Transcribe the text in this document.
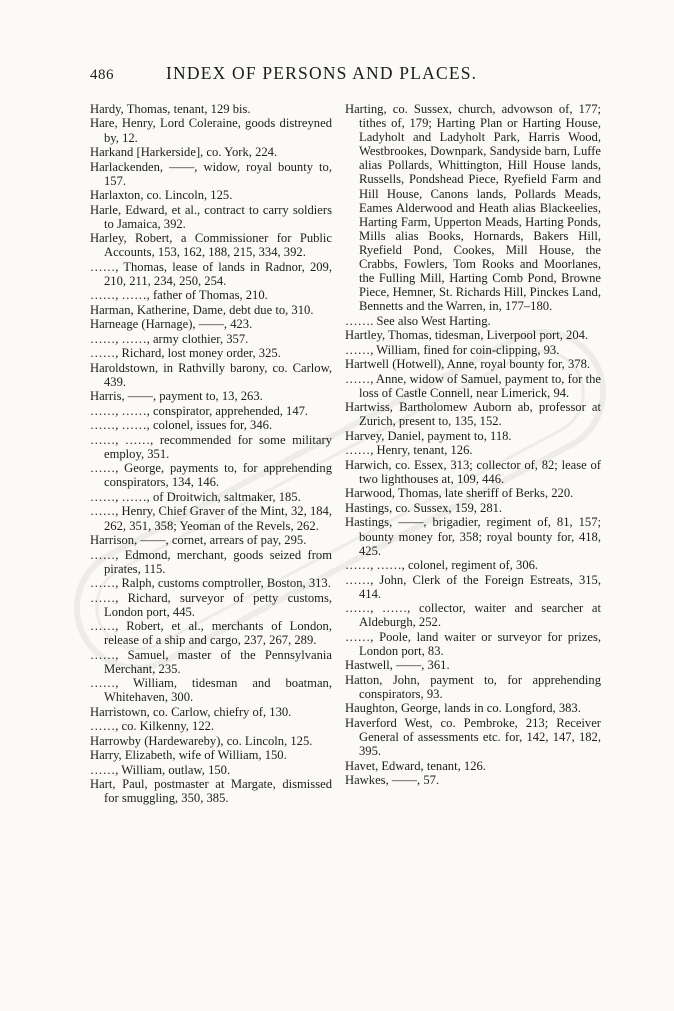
486	INDEX OF PERSONS AND PLACES.
Hardy, Thomas, tenant, 129 bis.
Hare, Henry, Lord Coleraine, goods distreyned by, 12.
Harkand [Harkerside], co. York, 224.
Harlackenden, ——, widow, royal bounty to, 157.
Harlaxton, co. Lincoln, 125.
Harle, Edward, et al., contract to carry soldiers to Jamaica, 392.
Harley, Robert, a Commissioner for Public Accounts, 153, 162, 188, 215, 334, 392.
……, Thomas, lease of lands in Radnor, 209, 210, 211, 234, 250, 254.
……, ……, father of Thomas, 210.
Harman, Katherine, Dame, debt due to, 310.
Harneage (Harnage), ——, 423.
……, ……, army clothier, 357.
……, Richard, lost money order, 325.
Haroldstown, in Rathvilly barony, co. Carlow, 439.
Harris, ——, payment to, 13, 263.
……, ……, conspirator, apprehended, 147.
……, ……, colonel, issues for, 346.
……, ……, recommended for some military employ, 351.
……, George, payments to, for apprehending conspirators, 134, 146.
……, ……, of Droitwich, saltmaker, 185.
……, Henry, Chief Graver of the Mint, 32, 184, 262, 351, 358; Yeoman of the Revels, 262.
Harrison, ——, cornet, arrears of pay, 295.
……, Edmond, merchant, goods seized from pirates, 115.
……, Ralph, customs comptroller, Boston, 313.
……, Richard, surveyor of petty customs, London port, 445.
……, Robert, et al., merchants of London, release of a ship and cargo, 237, 267, 289.
……, Samuel, master of the Pennsylvania Merchant, 235.
……, William, tidesman and boatman, Whitehaven, 300.
Harristown, co. Carlow, chiefry of, 130.
……, co. Kilkenny, 122.
Harrowby (Hardewareby), co. Lincoln, 125.
Harry, Elizabeth, wife of William, 150.
……, William, outlaw, 150.
Hart, Paul, postmaster at Margate, dismissed for smuggling, 350, 385.
Harting, co. Sussex, church, advowson of, 177; tithes of, 179; Harting Plan or Harting House, Ladyholt and Ladyholt Park, Harris Wood, Westbrookes, Downpark, Sandyside barn, Luffe alias Pollards, Whittington, Hill House lands, Russells, Pondshead Piece, Ryefield Farm and Hill House, Canons lands, Pollards Meads, Eames Alderwood and Heath alias Blackeelies, Harting Farm, Upperton Meads, Harting Ponds, Mills alias Books, Hornards, Bakers Hill, Ryefield Pond, Cookes, Mill House, the Crabbs, Fowlers, Tom Rooks and Moorlanes, the Fulling Mill, Harting Comb Pond, Browne Piece, Hemner, St. Richards Hill, Pinckes Land, Bennetts and the Warren, in, 177–180.
……. See also West Harting.
Hartley, Thomas, tidesman, Liverpool port, 204.
……, William, fined for coin-clipping, 93.
Hartwell (Hotwell), Anne, royal bounty for, 378.
……, Anne, widow of Samuel, payment to, for the loss of Castle Connell, near Limerick, 94.
Hartwiss, Bartholomew Auborn ab, professor at Zurich, present to, 135, 152.
Harvey, Daniel, payment to, 118.
……, Henry, tenant, 126.
Harwich, co. Essex, 313; collector of, 82; lease of two lighthouses at, 109, 446.
Harwood, Thomas, late sheriff of Berks, 220.
Hastings, co. Sussex, 159, 281.
Hastings, ——, brigadier, regiment of, 81, 157; bounty money for, 358; royal bounty for, 418, 425.
……, ……, colonel, regiment of, 306.
……, John, Clerk of the Foreign Estreats, 315, 414.
……, ……, collector, waiter and searcher at Aldeburgh, 252.
……, Poole, land waiter or surveyor for prizes, London port, 83.
Hastwell, ——, 361.
Hatton, John, payment to, for apprehending conspirators, 93.
Haughton, George, lands in co. Longford, 383.
Haverford West, co. Pembroke, 213; Receiver General of assessments etc. for, 142, 147, 182, 395.
Havet, Edward, tenant, 126.
Hawkes, ——, 57.
